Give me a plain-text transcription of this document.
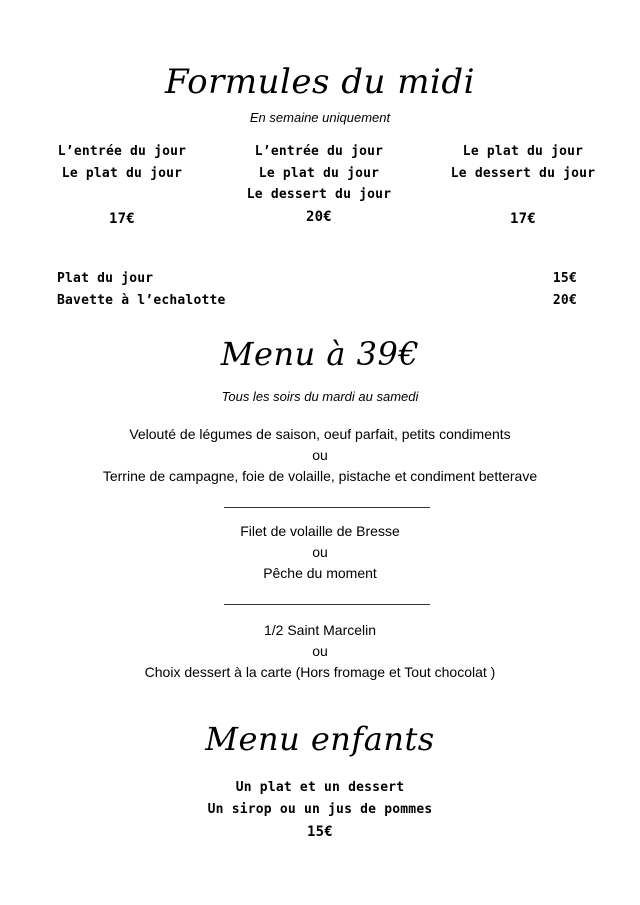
Formules du midi
En semaine uniquement
L’entrée du jour
Le plat du jour
17€
L’entrée du jour
Le plat du jour
Le dessert du jour
20€
Le plat du jour
Le dessert du jour
17€
Plat du jour	15€
Bavette à l’echalotte	20€
Menu à 39€
Tous les soirs du mardi au samedi
Velouté de légumes de saison, oeuf parfait, petits condiments
ou
Terrine de campagne, foie de volaille, pistache et condiment betterave
Filet de volaille de Bresse
ou
Pêche du moment
1/2 Saint Marcelin
ou
Choix dessert à la carte (Hors fromage et Tout chocolat )
Menu enfants
Un plat et un dessert
Un sirop ou un jus de pommes
15€
